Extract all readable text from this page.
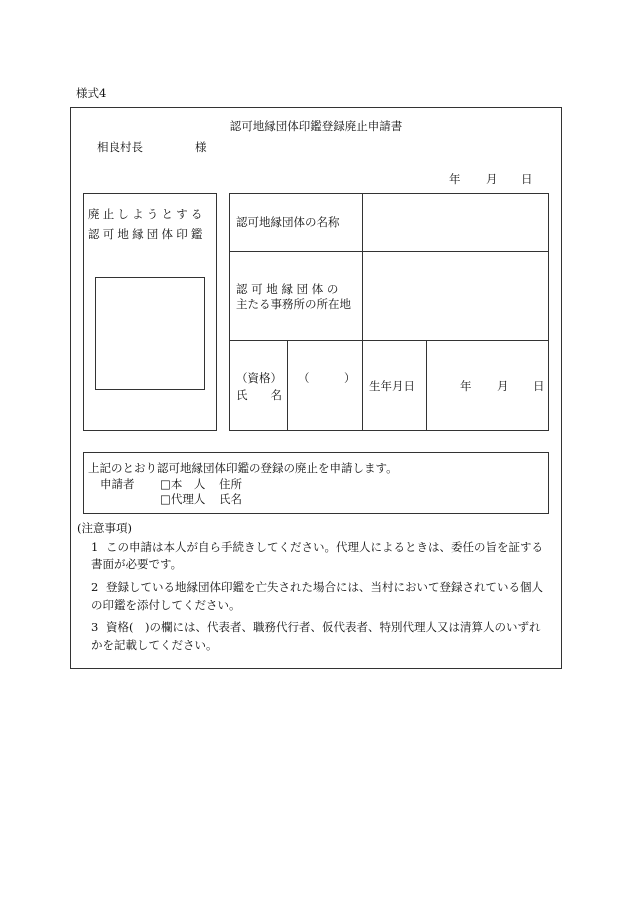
様式4
認可地縁団体印鑑登録廃止申請書
相良村長	様
年 月 日
廃止しようとする
認可地縁団体印鑑
認可地縁団体の名称
認 可 地 縁 団 体 の
主たる事務所の所在地
（資格）
氏　　名
（　　　）
生年月日	年 月 日
上記のとおり認可地縁団体印鑑の登録の廃止を申請します。
申請者 □本　人 住所
□代理人 氏名
(注意事項)
1 この申請は本人が自ら手続きしてください。代理人によるときは、委任の旨を証する
書面が必要です。
2 登録している地縁団体印鑑を亡失された場合には、当村において登録されている個人
の印鑑を添付してください。
3 資格(　)の欄には、代表者、職務代行者、仮代表者、特別代理人又は清算人のいずれ
かを記載してください。
